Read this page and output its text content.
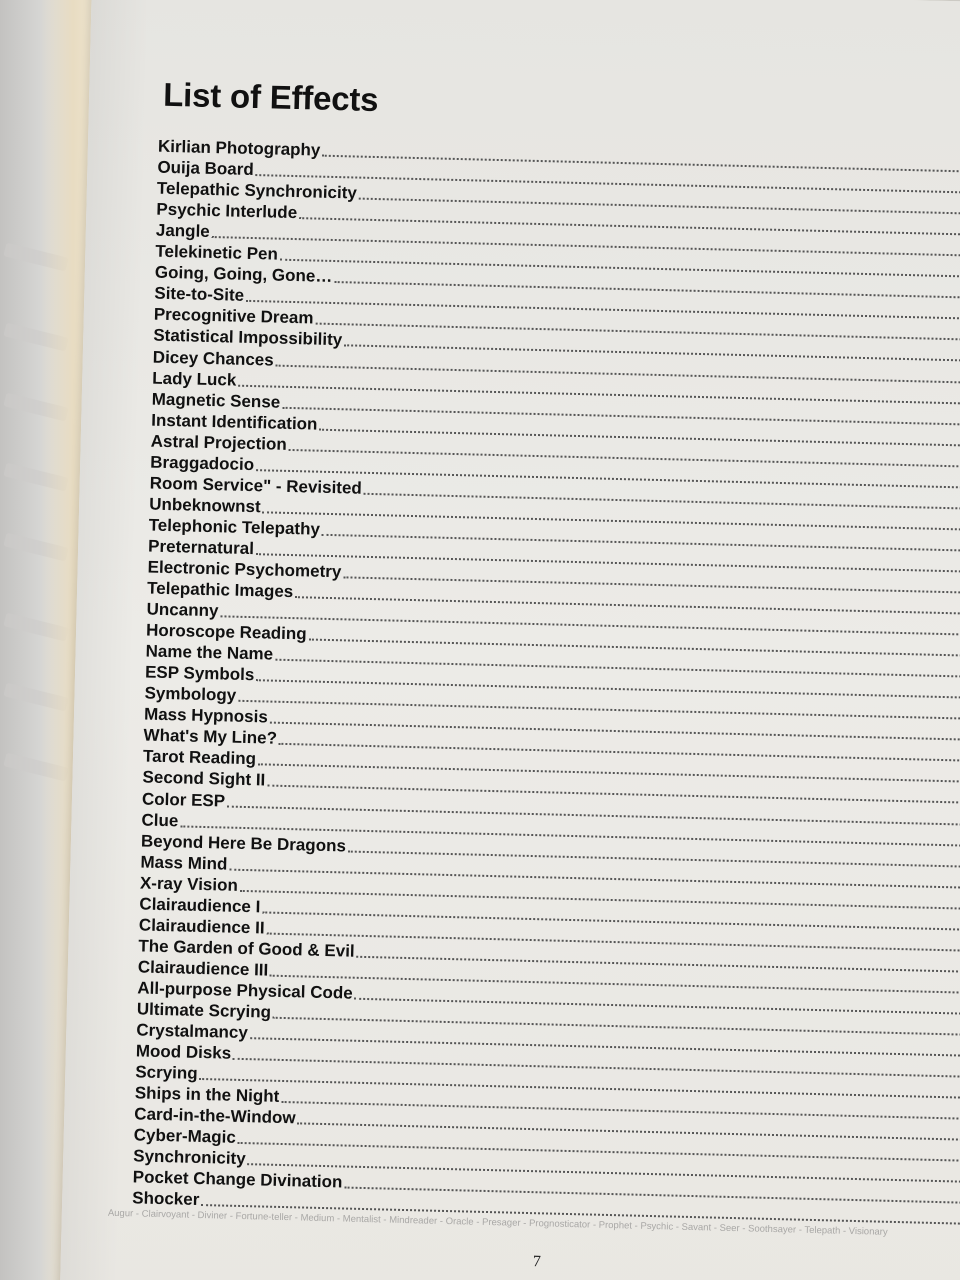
List of Effects
Kirlian Photography
Ouija Board
Telepathic Synchronicity
Psychic Interlude
Jangle
Telekinetic Pen
Going, Going, Gone…
Site-to-Site
Precognitive Dream
Statistical Impossibility
Dicey Chances
Lady Luck
Magnetic Sense
Instant Identification
Astral Projection
Braggadocio
Room Service" - Revisited
Unbeknownst
Telephonic Telepathy
Preternatural
Electronic Psychometry
Telepathic Images
Uncanny
Horoscope Reading
Name the Name
ESP Symbols
Symbology
Mass Hypnosis
What's My Line?
Tarot Reading
Second Sight II
Color ESP
Clue
Beyond Here Be Dragons
Mass Mind
X-ray Vision
Clairaudience I
Clairaudience II
The Garden of Good & Evil
Clairaudience III
All-purpose Physical Code
Ultimate Scrying
Crystalmancy
Mood Disks
Scrying
Ships in the Night
Card-in-the-Window
Cyber-Magic
Synchronicity
Pocket Change Divination
Shocker
Augur - Clairvoyant - Diviner - Fortune-teller - Medium - Mentalist - Mindreader - Oracle - Presager - Prognosticator - Prophet - Psychic - Savant - Seer - Soothsayer - Telepath - Visionary
7
